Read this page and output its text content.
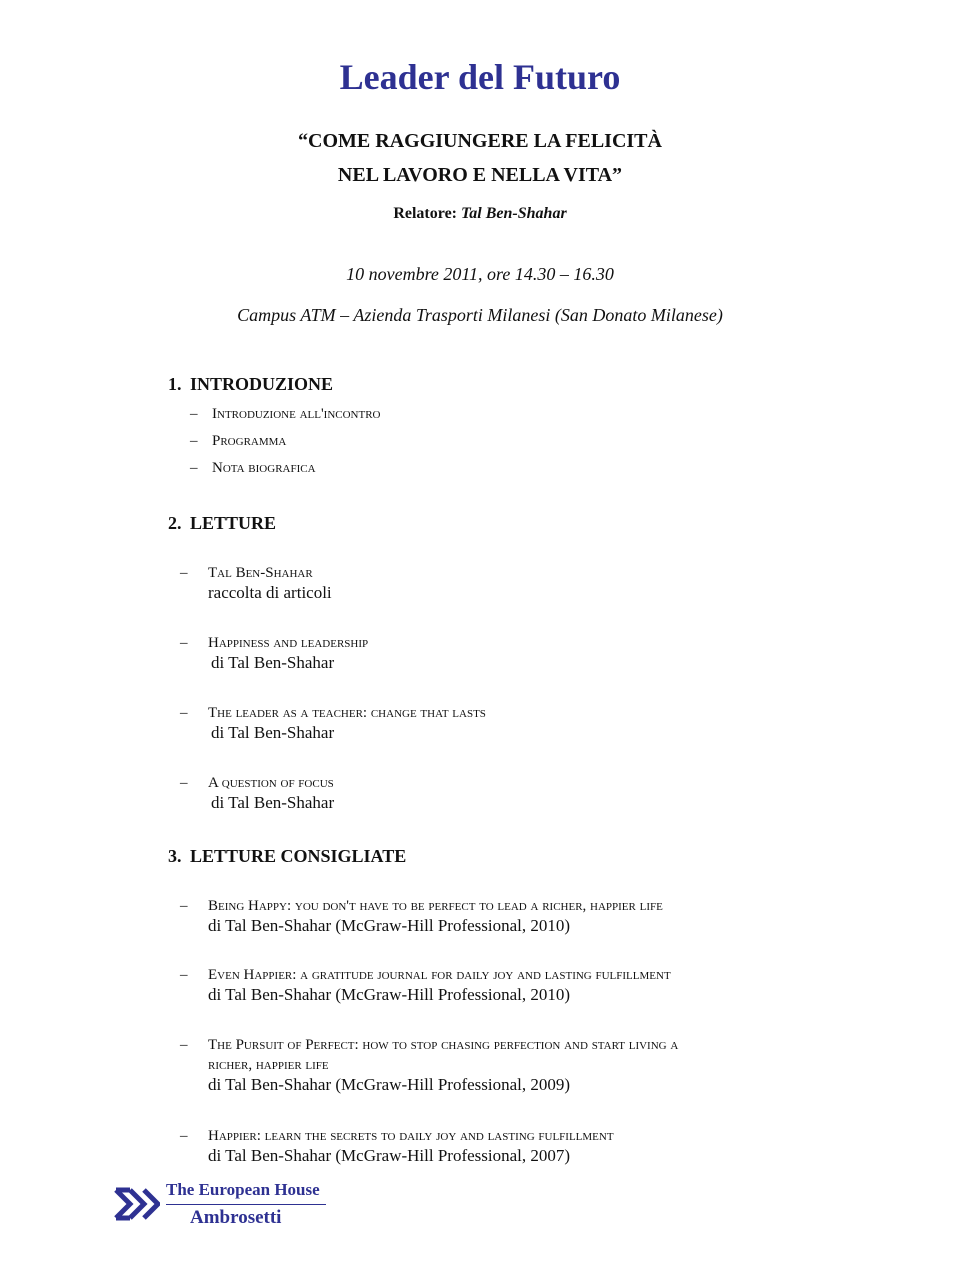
Leader del Futuro
“COME RAGGIUNGERE LA FELICITÀ
NEL LAVORO E NELLA VITA”
Relatore: Tal Ben-Shahar
10 novembre 2011, ore 14.30 – 16.30
Campus ATM – Azienda Trasporti Milanesi (San Donato Milanese)
1. INTRODUZIONE
– Introduzione all'incontro
– Programma
– Nota biografica
2. LETTURE
– Tal Ben-Shahar
raccolta di articoli
– Happiness and leadership
di Tal Ben-Shahar
– The leader as a teacher: change that lasts
di Tal Ben-Shahar
– A question of focus
di Tal Ben-Shahar
3. LETTURE CONSIGLIATE
– Being Happy: you don't have to be perfect to lead a richer, happier life
di Tal Ben-Shahar (McGraw-Hill Professional, 2010)
– Even Happier: a gratitude journal for daily joy and lasting fulfillment
di Tal Ben-Shahar (McGraw-Hill Professional, 2010)
– The Pursuit of Perfect: how to stop chasing perfection and start living a
richer, happier life
di Tal Ben-Shahar (McGraw-Hill Professional, 2009)
– Happier: learn the secrets to daily joy and lasting fulfillment
di Tal Ben-Shahar (McGraw-Hill Professional, 2007)
The European House
Ambrosetti
